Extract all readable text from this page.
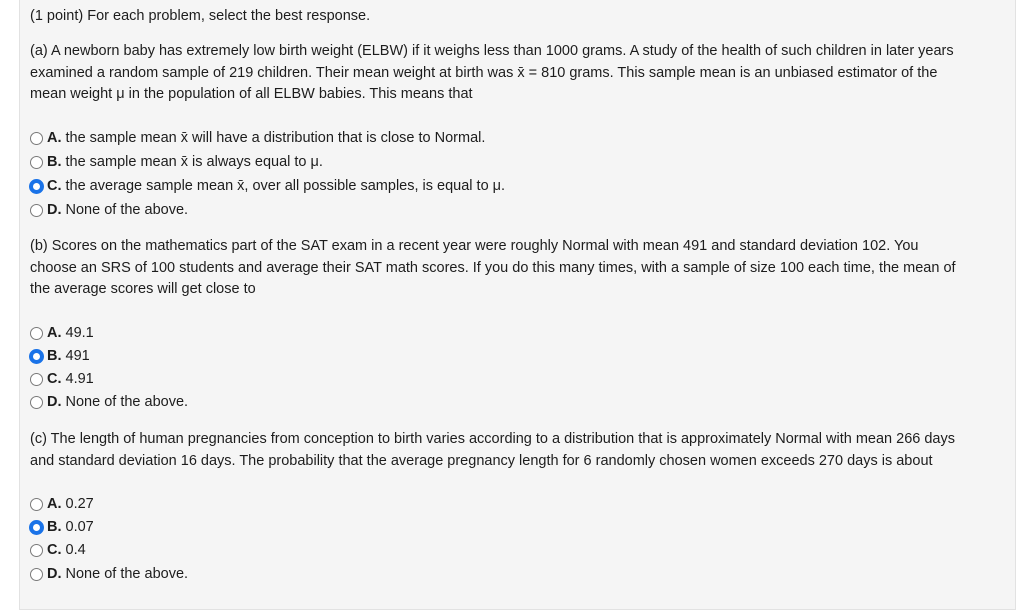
(1 point) For each problem, select the best response.
(a) A newborn baby has extremely low birth weight (ELBW) if it weighs less than 1000 grams. A study of the health of such children in later years
examined a random sample of 219 children. Their mean weight at birth was x̄ = 810 grams. This sample mean is an unbiased estimator of the
mean weight μ in the population of all ELBW babies. This means that
A. the sample mean x̄ will have a distribution that is close to Normal.
B. the sample mean x̄ is always equal to μ.
C. the average sample mean x̄, over all possible samples, is equal to μ.
D. None of the above.
(b) Scores on the mathematics part of the SAT exam in a recent year were roughly Normal with mean 491 and standard deviation 102. You
choose an SRS of 100 students and average their SAT math scores. If you do this many times, with a sample of size 100 each time, the mean of
the average scores will get close to
A. 49.1
B. 491
C. 4.91
D. None of the above.
(c) The length of human pregnancies from conception to birth varies according to a distribution that is approximately Normal with mean 266 days
and standard deviation 16 days. The probability that the average pregnancy length for 6 randomly chosen women exceeds 270 days is about
A. 0.27
B. 0.07
C. 0.4
D. None of the above.
